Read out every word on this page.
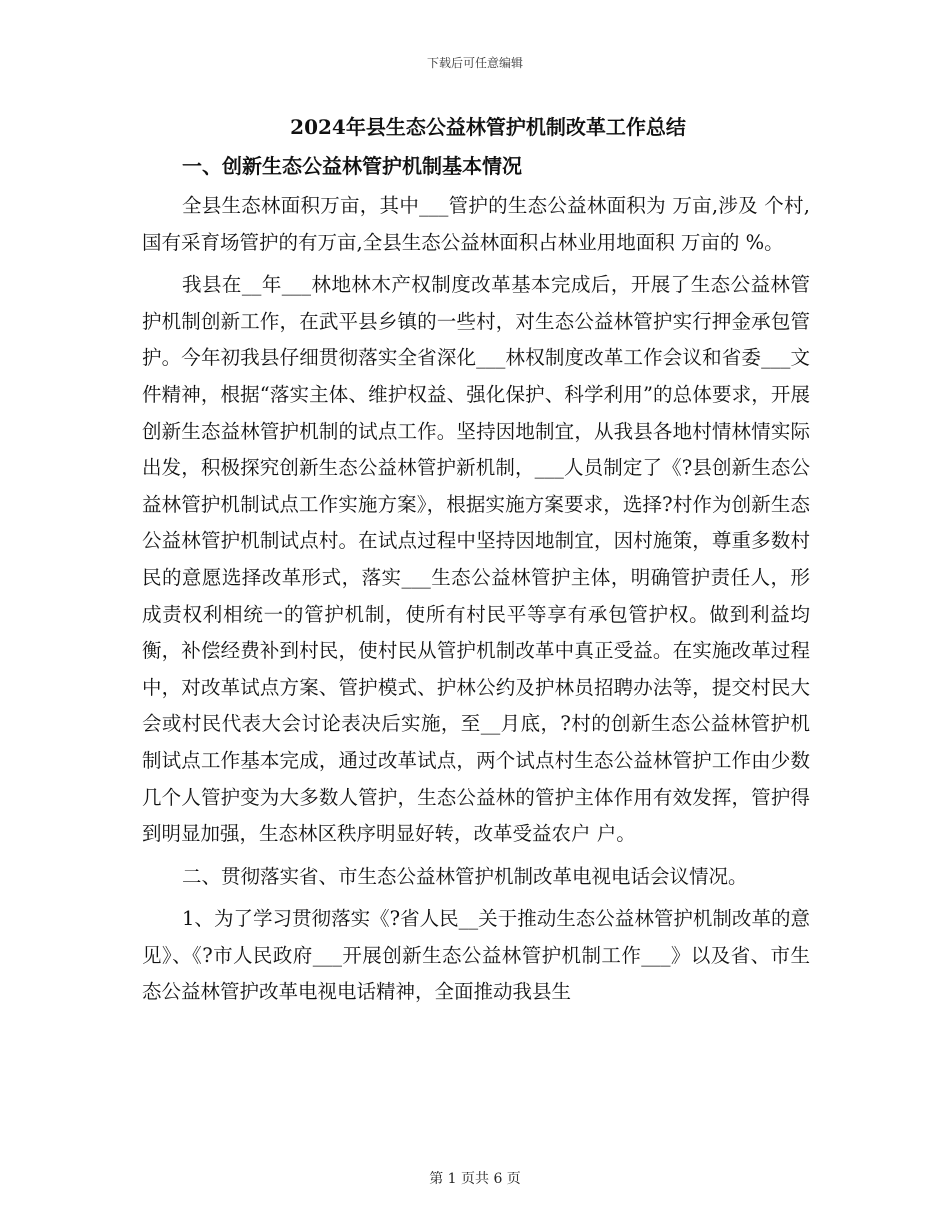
下载后可任意编辑
2024年县生态公益林管护机制改革工作总结
一、创新生态公益林管护机制基本情况

全县生态林面积万亩，其中___管护的生态公益林面积为 万亩,涉及 个村,国有采育场管护的有万亩,全县生态公益林面积占林业用地面积 万亩的 %。

我县在__年___林地林木产权制度改革基本完成后，开展了生态公益林管护机制创新工作，在武平县乡镇的一些村，对生态公益林管护实行押金承包管护。今年初我县仔细贯彻落实全省深化___林权制度改革工作会议和省委___文件精神，根据“落实主体、维护权益、强化保护、科学利用”的总体要求，开展创新生态益林管护机制的试点工作。坚持因地制宜，从我县各地村情林情实际出发，积极探究创新生态公益林管护新机制，___人员制定了《?县创新生态公益林管护机制试点工作实施方案》，根据实施方案要求，选择?村作为创新生态公益林管护机制试点村。在试点过程中坚持因地制宜，因村施策，尊重多数村民的意愿选择改革形式，落实___生态公益林管护主体，明确管护责任人，形成责权利相统一的管护机制，使所有村民平等享有承包管护权。做到利益均衡，补偿经费补到村民，使村民从管护机制改革中真正受益。在实施改革过程中，对改革试点方案、管护模式、护林公约及护林员招聘办法等，提交村民大会或村民代表大会讨论表决后实施，至__月底，?村的创新生态公益林管护机制试点工作基本完成，通过改革试点，两个试点村生态公益林管护工作由少数几个人管护变为大多数人管护，生态公益林的管护主体作用有效发挥，管护得到明显加强，生态林区秩序明显好转，改革受益农户 户。

二、贯彻落实省、市生态公益林管护机制改革电视电话会议情况。

1、为了学习贯彻落实《?省人民__关于推动生态公益林管护机制改革的意见》、《?市人民政府___开展创新生态公益林管护机制工作___》以及省、市生态公益林管护改革电视电话精神，全面推动我县生

第 1 页共 6 页
